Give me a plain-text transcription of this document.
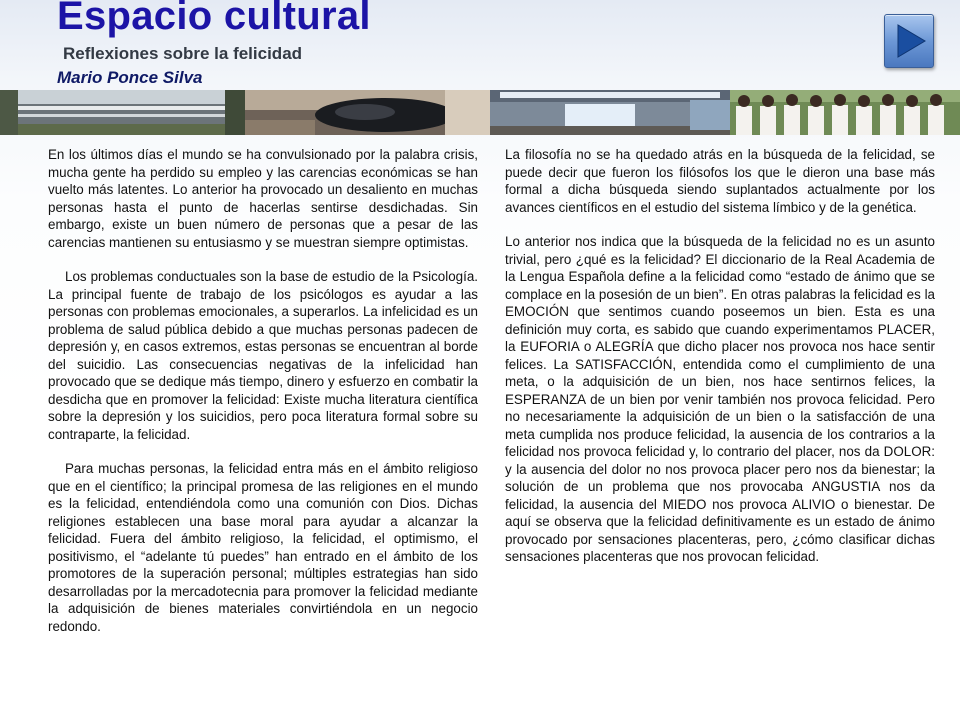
Espacio cultural
Reflexiones sobre la felicidad
Mario Ponce Silva

En los últimos días el mundo se ha convulsionado por la palabra crisis, mucha gente ha perdido su empleo y las carencias económicas se han vuelto más latentes. Lo anterior ha provocado un desaliento en muchas personas hasta el punto de hacerlas sentirse desdichadas. Sin embargo, existe un buen número de personas que a pesar de las carencias mantienen su entusiasmo y se muestran siempre optimistas.

Los problemas conductuales son la base de estudio de la Psicología. La principal fuente de trabajo de los psicólogos es ayudar a las personas con problemas emocionales, a superarlos. La infelicidad es un problema de salud pública debido a que muchas personas padecen de depresión y, en casos extremos, estas personas se encuentran al borde del suicidio. Las consecuencias negativas de la infelicidad han provocado que se dedique más tiempo, dinero y esfuerzo en combatir la desdicha que en promover la felicidad: Existe mucha literatura científica sobre la depresión y los suicidios, pero poca literatura formal sobre su contraparte, la felicidad.

Para muchas personas, la felicidad entra más en el ámbito religioso que en el científico; la principal promesa de las religiones en el mundo es la felicidad, entendiéndola como una comunión con Dios. Dichas religiones establecen una base moral para ayudar a alcanzar la felicidad. Fuera del ámbito religioso, la felicidad, el optimismo, el positivismo, el “adelante tú puedes” han entrado en el ámbito de los promotores de la superación personal; múltiples estrategias han sido desarrolladas por la mercadotecnia para promover la felicidad mediante la adquisición de bienes materiales convirtiéndola en un negocio redondo.

La filosofía no se ha quedado atrás en la búsqueda de la felicidad, se puede decir que fueron los filósofos los que le dieron una base más formal a dicha búsqueda siendo suplantados actualmente por los avances científicos en el estudio del sistema límbico y de la genética.

Lo anterior nos indica que la búsqueda de la felicidad no es un asunto trivial, pero ¿qué es la felicidad? El diccionario de la Real Academia de la Lengua Española define a la felicidad como “estado de ánimo que se complace en la posesión de un bien”. En otras palabras la felicidad es la EMOCIÓN que sentimos cuando poseemos un bien. Esta es una definición muy corta, es sabido que cuando experimentamos PLACER, la EUFORIA o ALEGRÍA que dicho placer nos provoca nos hace sentir felices. La SATISFACCIÓN, entendida como el cumplimiento de una meta, o la adquisición de un bien, nos hace sentirnos felices, la ESPERANZA de un bien por venir también nos provoca felicidad. Pero no necesariamente la adquisición de un bien o la satisfacción de una meta cumplida nos produce felicidad, la ausencia de los contrarios a la felicidad nos provoca felicidad y, lo contrario del placer, nos da DOLOR: y la ausencia del dolor no nos provoca placer pero nos da bienestar; la solución de un problema que nos provocaba ANGUSTIA nos da felicidad, la ausencia del MIEDO nos provoca ALIVIO o bienestar. De aquí se observa que la felicidad definitivamente es un estado de ánimo provocado por sensaciones placenteras, pero, ¿cómo clasificar dichas sensaciones placenteras que nos provocan felicidad.
